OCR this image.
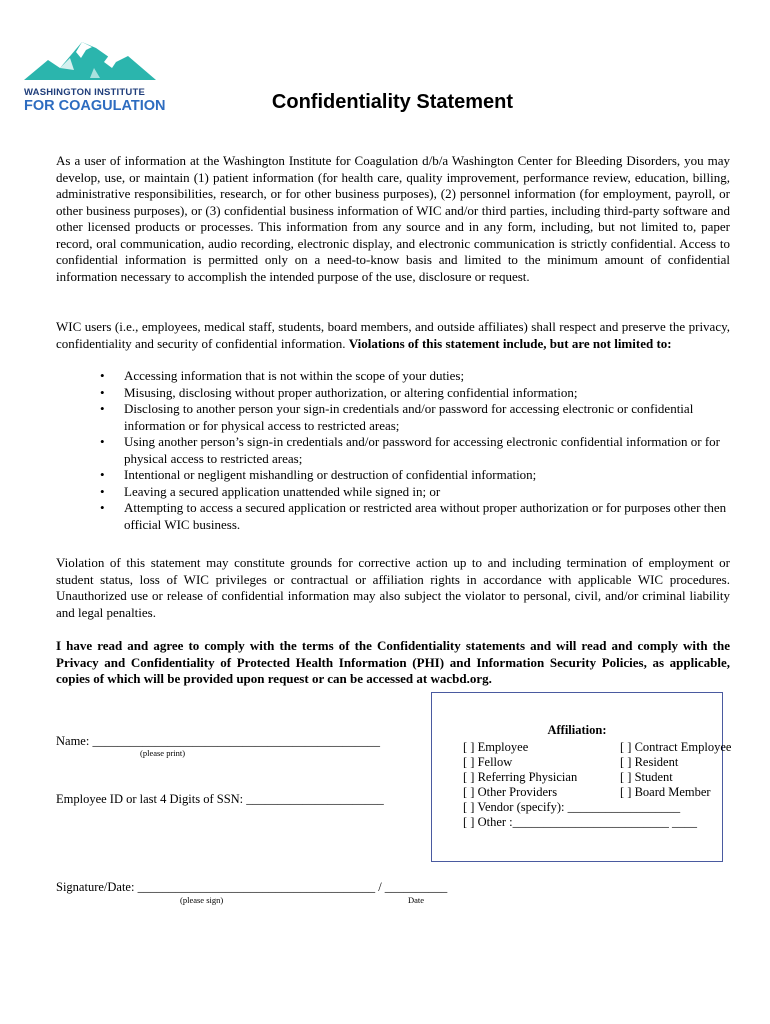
WASHINGTON INSTITUTE
FOR COAGULATION	Confidentiality Statement

As a user of information at the Washington Institute for Coagulation d/b/a Washington Center for Bleeding Disorders, you may develop, use, or maintain (1) patient information (for health care, quality improvement, performance review, education, billing, administrative responsibilities, research, or for other business purposes), (2) personnel information (for employment, payroll, or other business purposes), or (3) confidential business information of WIC and/or third parties, including third-party software and other licensed products or processes. This information from any source and in any form, including, but not limited to, paper record, oral communication, audio recording, electronic display, and electronic communication is strictly confidential. Access to confidential information is permitted only on a need-to-know basis and limited to the minimum amount of confidential information necessary to accomplish the intended purpose of the use, disclosure or request.

WIC users (i.e., employees, medical staff, students, board members, and outside affiliates) shall respect and preserve the privacy, confidentiality and security of confidential information. Violations of this statement include, but are not limited to:

• Accessing information that is not within the scope of your duties;
• Misusing, disclosing without proper authorization, or altering confidential information;
• Disclosing to another person your sign-in credentials and/or password for accessing electronic or confidential information or for physical access to restricted areas;
• Using another person’s sign-in credentials and/or password for accessing electronic confidential information or for physical access to restricted areas;
• Intentional or negligent mishandling or destruction of confidential information;
• Leaving a secured application unattended while signed in; or
• Attempting to access a secured application or restricted area without proper authorization or for purposes other then official WIC business.

Violation of this statement may constitute grounds for corrective action up to and including termination of employment or student status, loss of WIC privileges or contractual or affiliation rights in accordance with applicable WIC procedures. Unauthorized use or release of confidential information may also subject the violator to personal, civil, and/or criminal liability and legal penalties.

I have read and agree to comply with the terms of the Confidentiality statements and will read and comply with the Privacy and Confidentiality of Protected Health Information (PHI) and Information Security Policies, as applicable, copies of which will be provided upon request or can be accessed at wacbd.org.

Name: ______________________________________________
(please print)
Employee ID or last 4 Digits of SSN: ______________________
Signature/Date: ______________________________________ / __________
(please sign)	Date
Affiliation:
[ ] Employee	[ ] Contract Employee
[ ] Fellow	[ ] Resident
[ ] Referring Physician	[ ] Student
[ ] Other Providers	[ ] Board Member
[ ] Vendor (specify): __________________
[ ] Other :_________________________ ____
